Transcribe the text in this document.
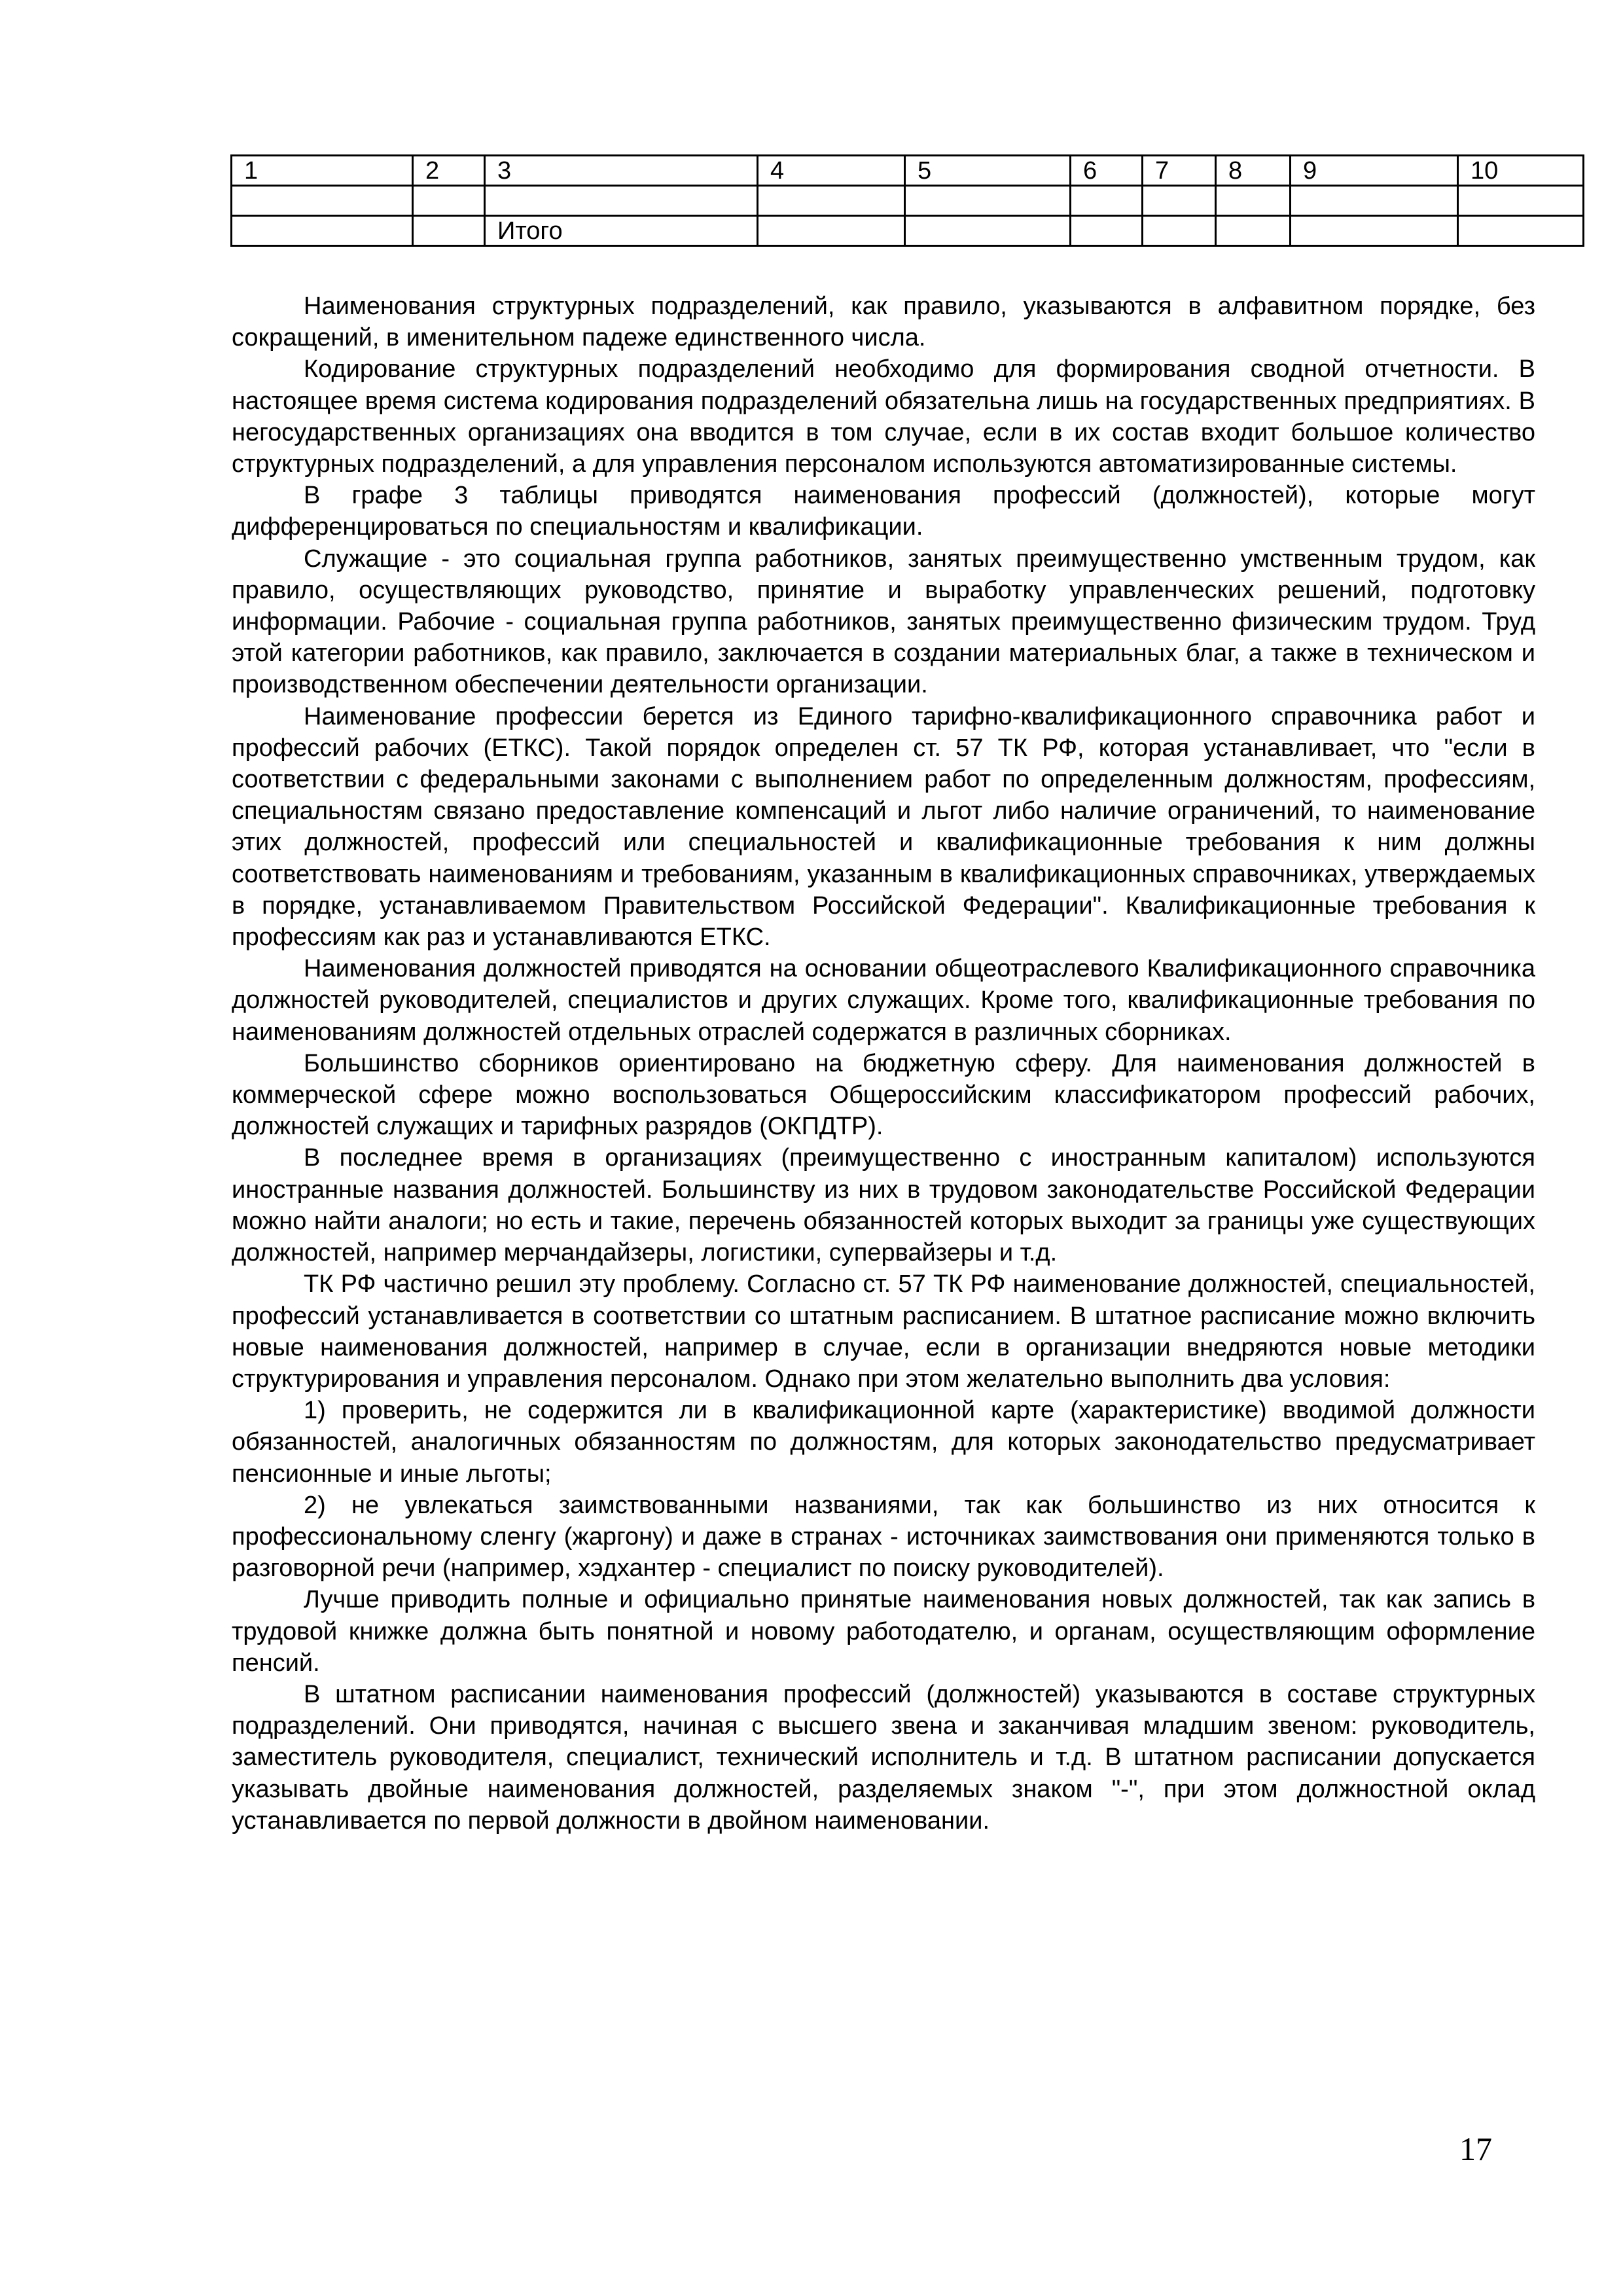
1	2	3	4	5	6	7	8	9	10

		Итого							

Наименования структурных подразделений, как правило, указываются в алфавитном порядке, без сокращений, в именительном падеже единственного числа.

Кодирование структурных подразделений необходимо для формирования сводной отчетности. В настоящее время система кодирования подразделений обязательна лишь на государственных предприятиях. В негосударственных организациях она вводится в том случае, если в их состав входит большое количество структурных подразделений, а для управления персоналом используются автоматизированные системы.

В графе 3 таблицы приводятся наименования профессий (должностей), которые могут дифференцироваться по специальностям и квалификации.

Служащие - это социальная группа работников, занятых преимущественно умственным трудом, как правило, осуществляющих руководство, принятие и выработку управленческих решений, подготовку информации. Рабочие - социальная группа работников, занятых преимущественно физическим трудом. Труд этой категории работников, как правило, заключается в создании материальных благ, а также в техническом и производственном обеспечении деятельности организации.

Наименование профессии берется из Единого тарифно-квалификационного справочника работ и профессий рабочих (ЕТКС). Такой порядок определен ст. 57 ТК РФ, которая устанавливает, что "если в соответствии с федеральными законами с выполнением работ по определенным должностям, профессиям, специальностям связано предоставление компенсаций и льгот либо наличие ограничений, то наименование этих должностей, профессий или специальностей и квалификационные требования к ним должны соответствовать наименованиям и требованиям, указанным в квалификационных справочниках, утверждаемых в порядке, устанавливаемом Правительством Российской Федерации". Квалификационные требования к профессиям как раз и устанавливаются ЕТКС.

Наименования должностей приводятся на основании общеотраслевого Квалификационного справочника должностей руководителей, специалистов и других служащих. Кроме того, квалификационные требования по наименованиям должностей отдельных отраслей содержатся в различных сборниках.

Большинство сборников ориентировано на бюджетную сферу. Для наименования должностей в коммерческой сфере можно воспользоваться Общероссийским классификатором профессий рабочих, должностей служащих и тарифных разрядов (ОКПДТР).

В последнее время в организациях (преимущественно с иностранным капиталом) используются иностранные названия должностей. Большинству из них в трудовом законодательстве Российской Федерации можно найти аналоги; но есть и такие, перечень обязанностей которых выходит за границы уже существующих должностей, например мерчандайзеры, логистики, супервайзеры и т.д.

ТК РФ частично решил эту проблему. Согласно ст. 57 ТК РФ наименование должностей, специальностей, профессий устанавливается в соответствии со штатным расписанием. В штатное расписание можно включить новые наименования должностей, например в случае, если в организации внедряются новые методики структурирования и управления персоналом. Однако при этом желательно выполнить два условия:

1) проверить, не содержится ли в квалификационной карте (характеристике) вводимой должности обязанностей, аналогичных обязанностям по должностям, для которых законодательство предусматривает пенсионные и иные льготы;

2) не увлекаться заимствованными названиями, так как большинство из них относится к профессиональному сленгу (жаргону) и даже в странах - источниках заимствования они применяются только в разговорной речи (например, хэдхантер - специалист по поиску руководителей).

Лучше приводить полные и официально принятые наименования новых должностей, так как запись в трудовой книжке должна быть понятной и новому работодателю, и органам, осуществляющим оформление пенсий.

В штатном расписании наименования профессий (должностей) указываются в составе структурных подразделений. Они приводятся, начиная с высшего звена и заканчивая младшим звеном: руководитель, заместитель руководителя, специалист, технический исполнитель и т.д. В штатном расписании допускается указывать двойные наименования должностей, разделяемых знаком "-", при этом должностной оклад устанавливается по первой должности в двойном наименовании.

17
